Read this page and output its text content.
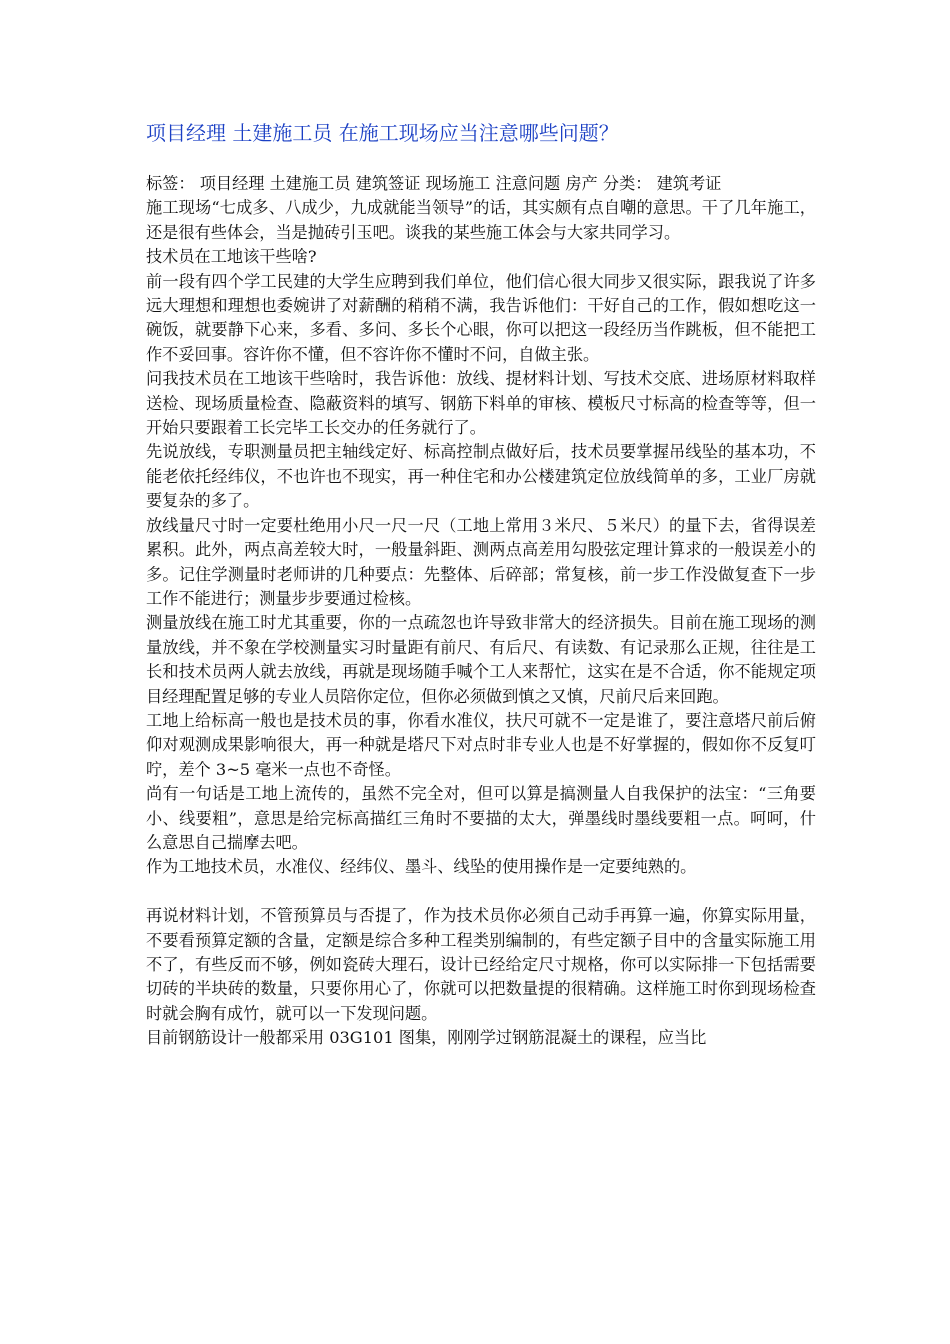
项目经理 土建施工员 在施工现场应当注意哪些问题？

标签： 项目经理 土建施工员 建筑签证 现场施工 注意问题 房产 分类： 建筑考证

施工现场“七成多、八成少，九成就能当领导”的话，其实颇有点自嘲的意思。干了几年施工，还是很有些体会，当是抛砖引玉吧。谈我的某些施工体会与大家共同学习。

技术员在工地该干些啥?

前一段有四个学工民建的大学生应聘到我们单位，他们信心很大同步又很实际，跟我说了许多远大理想和理想也委婉讲了对薪酬的稍稍不满，我告诉他们：干好自己的工作，假如想吃这一碗饭，就要静下心来，多看、多问、多长个心眼，你可以把这一段经历当作跳板，但不能把工作不妥回事。容许你不懂，但不容许你不懂时不问，自做主张。

问我技术员在工地该干些啥时，我告诉他：放线、提材料计划、写技术交底、进场原材料取样送检、现场质量检查、隐蔽资料的填写、钢筋下料单的审核、模板尺寸标高的检查等等，但一开始只要跟着工长完毕工长交办的任务就行了。

先说放线，专职测量员把主轴线定好、标高控制点做好后，技术员要掌握吊线坠的基本功，不能老依托经纬仪，不也许也不现实，再一种住宅和办公楼建筑定位放线简单的多，工业厂房就要复杂的多了。

放线量尺寸时一定要杜绝用小尺一尺一尺（工地上常用３米尺、５米尺）的量下去，省得误差累积。此外，两点高差较大时，一般量斜距、测两点高差用勾股弦定理计算求的一般误差小的多。记住学测量时老师讲的几种要点：先整体、后碎部；常复核，前一步工作没做复查下一步工作不能进行；测量步步要通过检核。

测量放线在施工时尤其重要，你的一点疏忽也许导致非常大的经济损失。目前在施工现场的测量放线，并不象在学校测量实习时量距有前尺、有后尺、有读数、有记录那么正规，往往是工长和技术员两人就去放线，再就是现场随手喊个工人来帮忙，这实在是不合适，你不能规定项目经理配置足够的专业人员陪你定位，但你必须做到慎之又慎，尺前尺后来回跑。

工地上给标高一般也是技术员的事，你看水准仪，扶尺可就不一定是谁了，要注意塔尺前后俯仰对观测成果影响很大，再一种就是塔尺下对点时非专业人也是不好掌握的，假如你不反复叮咛，差个 3~5 毫米一点也不奇怪。

尚有一句话是工地上流传的，虽然不完全对，但可以算是搞测量人自我保护的法宝：“三角要小、线要粗”，意思是给完标高描红三角时不要描的太大，弹墨线时墨线要粗一点。呵呵，什么意思自己揣摩去吧。

作为工地技术员，水准仪、经纬仪、墨斗、线坠的使用操作是一定要纯熟的。

再说材料计划，不管预算员与否提了，作为技术员你必须自己动手再算一遍，你算实际用量，不要看预算定额的含量，定额是综合多种工程类别编制的，有些定额子目中的含量实际施工用不了，有些反而不够，例如瓷砖大理石，设计已经给定尺寸规格，你可以实际排一下包括需要切砖的半块砖的数量，只要你用心了，你就可以把数量提的很精确。这样施工时你到现场检查时就会胸有成竹，就可以一下发现问题。

目前钢筋设计一般都采用 03G101 图集，刚刚学过钢筋混凝土的课程，应当比
